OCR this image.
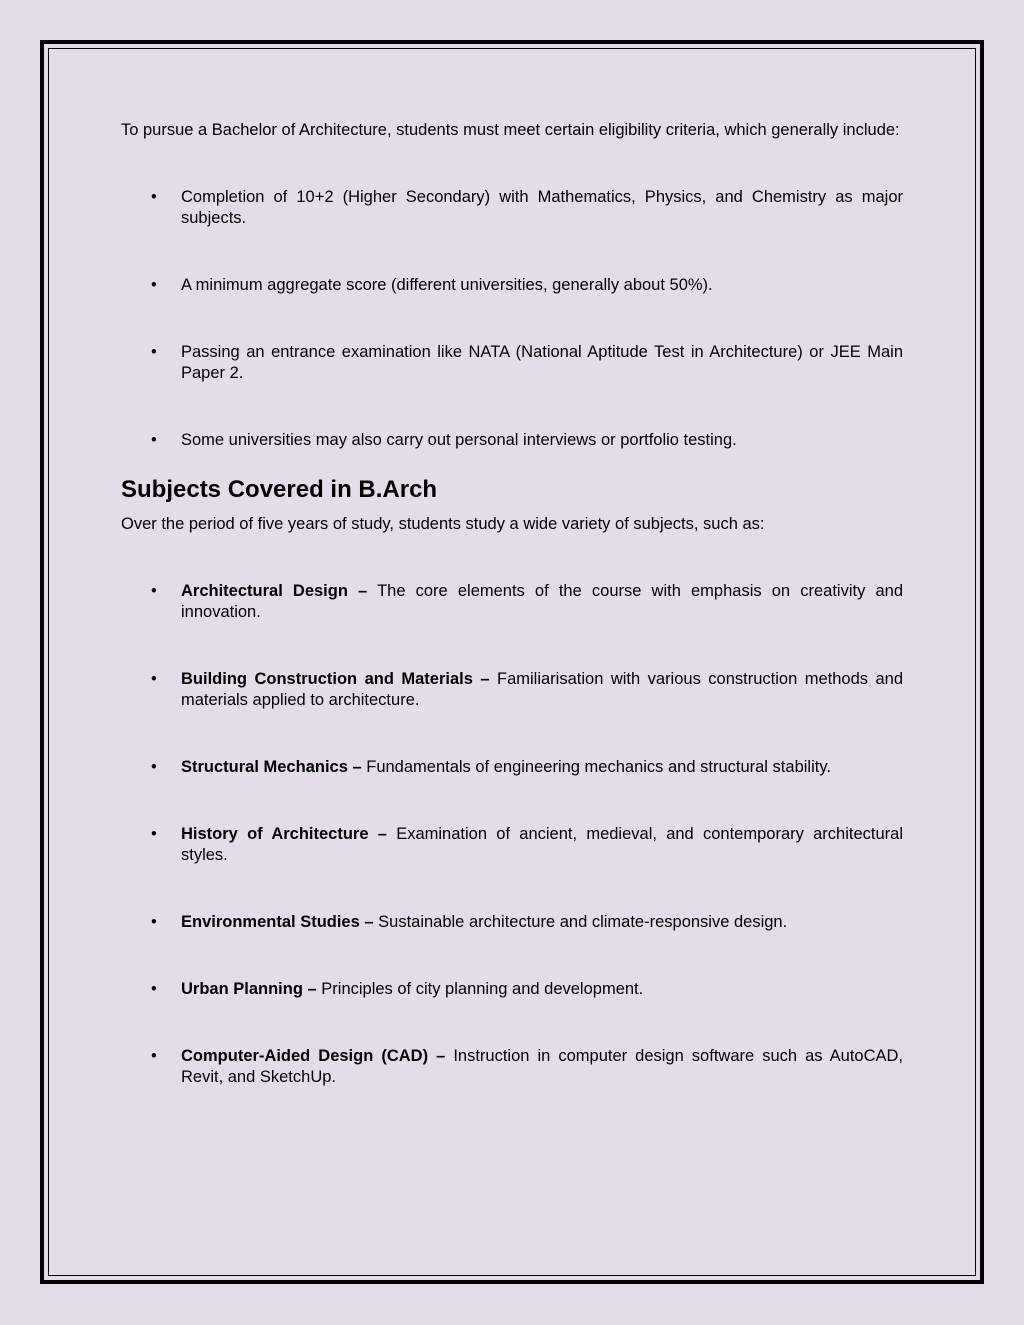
To pursue a Bachelor of Architecture, students must meet certain eligibility criteria, which generally include:

• Completion of 10+2 (Higher Secondary) with Mathematics, Physics, and Chemistry as major subjects.
• A minimum aggregate score (different universities, generally about 50%).
• Passing an entrance examination like NATA (National Aptitude Test in Architecture) or JEE Main Paper 2.
• Some universities may also carry out personal interviews or portfolio testing.
Subjects Covered in B.Arch

Over the period of five years of study, students study a wide variety of subjects, such as:

• Architectural Design – The core elements of the course with emphasis on creativity and innovation.
• Building Construction and Materials – Familiarisation with various construction methods and materials applied to architecture.
• Structural Mechanics – Fundamentals of engineering mechanics and structural stability.
• History of Architecture – Examination of ancient, medieval, and contemporary architectural styles.
• Environmental Studies – Sustainable architecture and climate-responsive design.
• Urban Planning – Principles of city planning and development.
• Computer-Aided Design (CAD) – Instruction in computer design software such as AutoCAD, Revit, and SketchUp.
